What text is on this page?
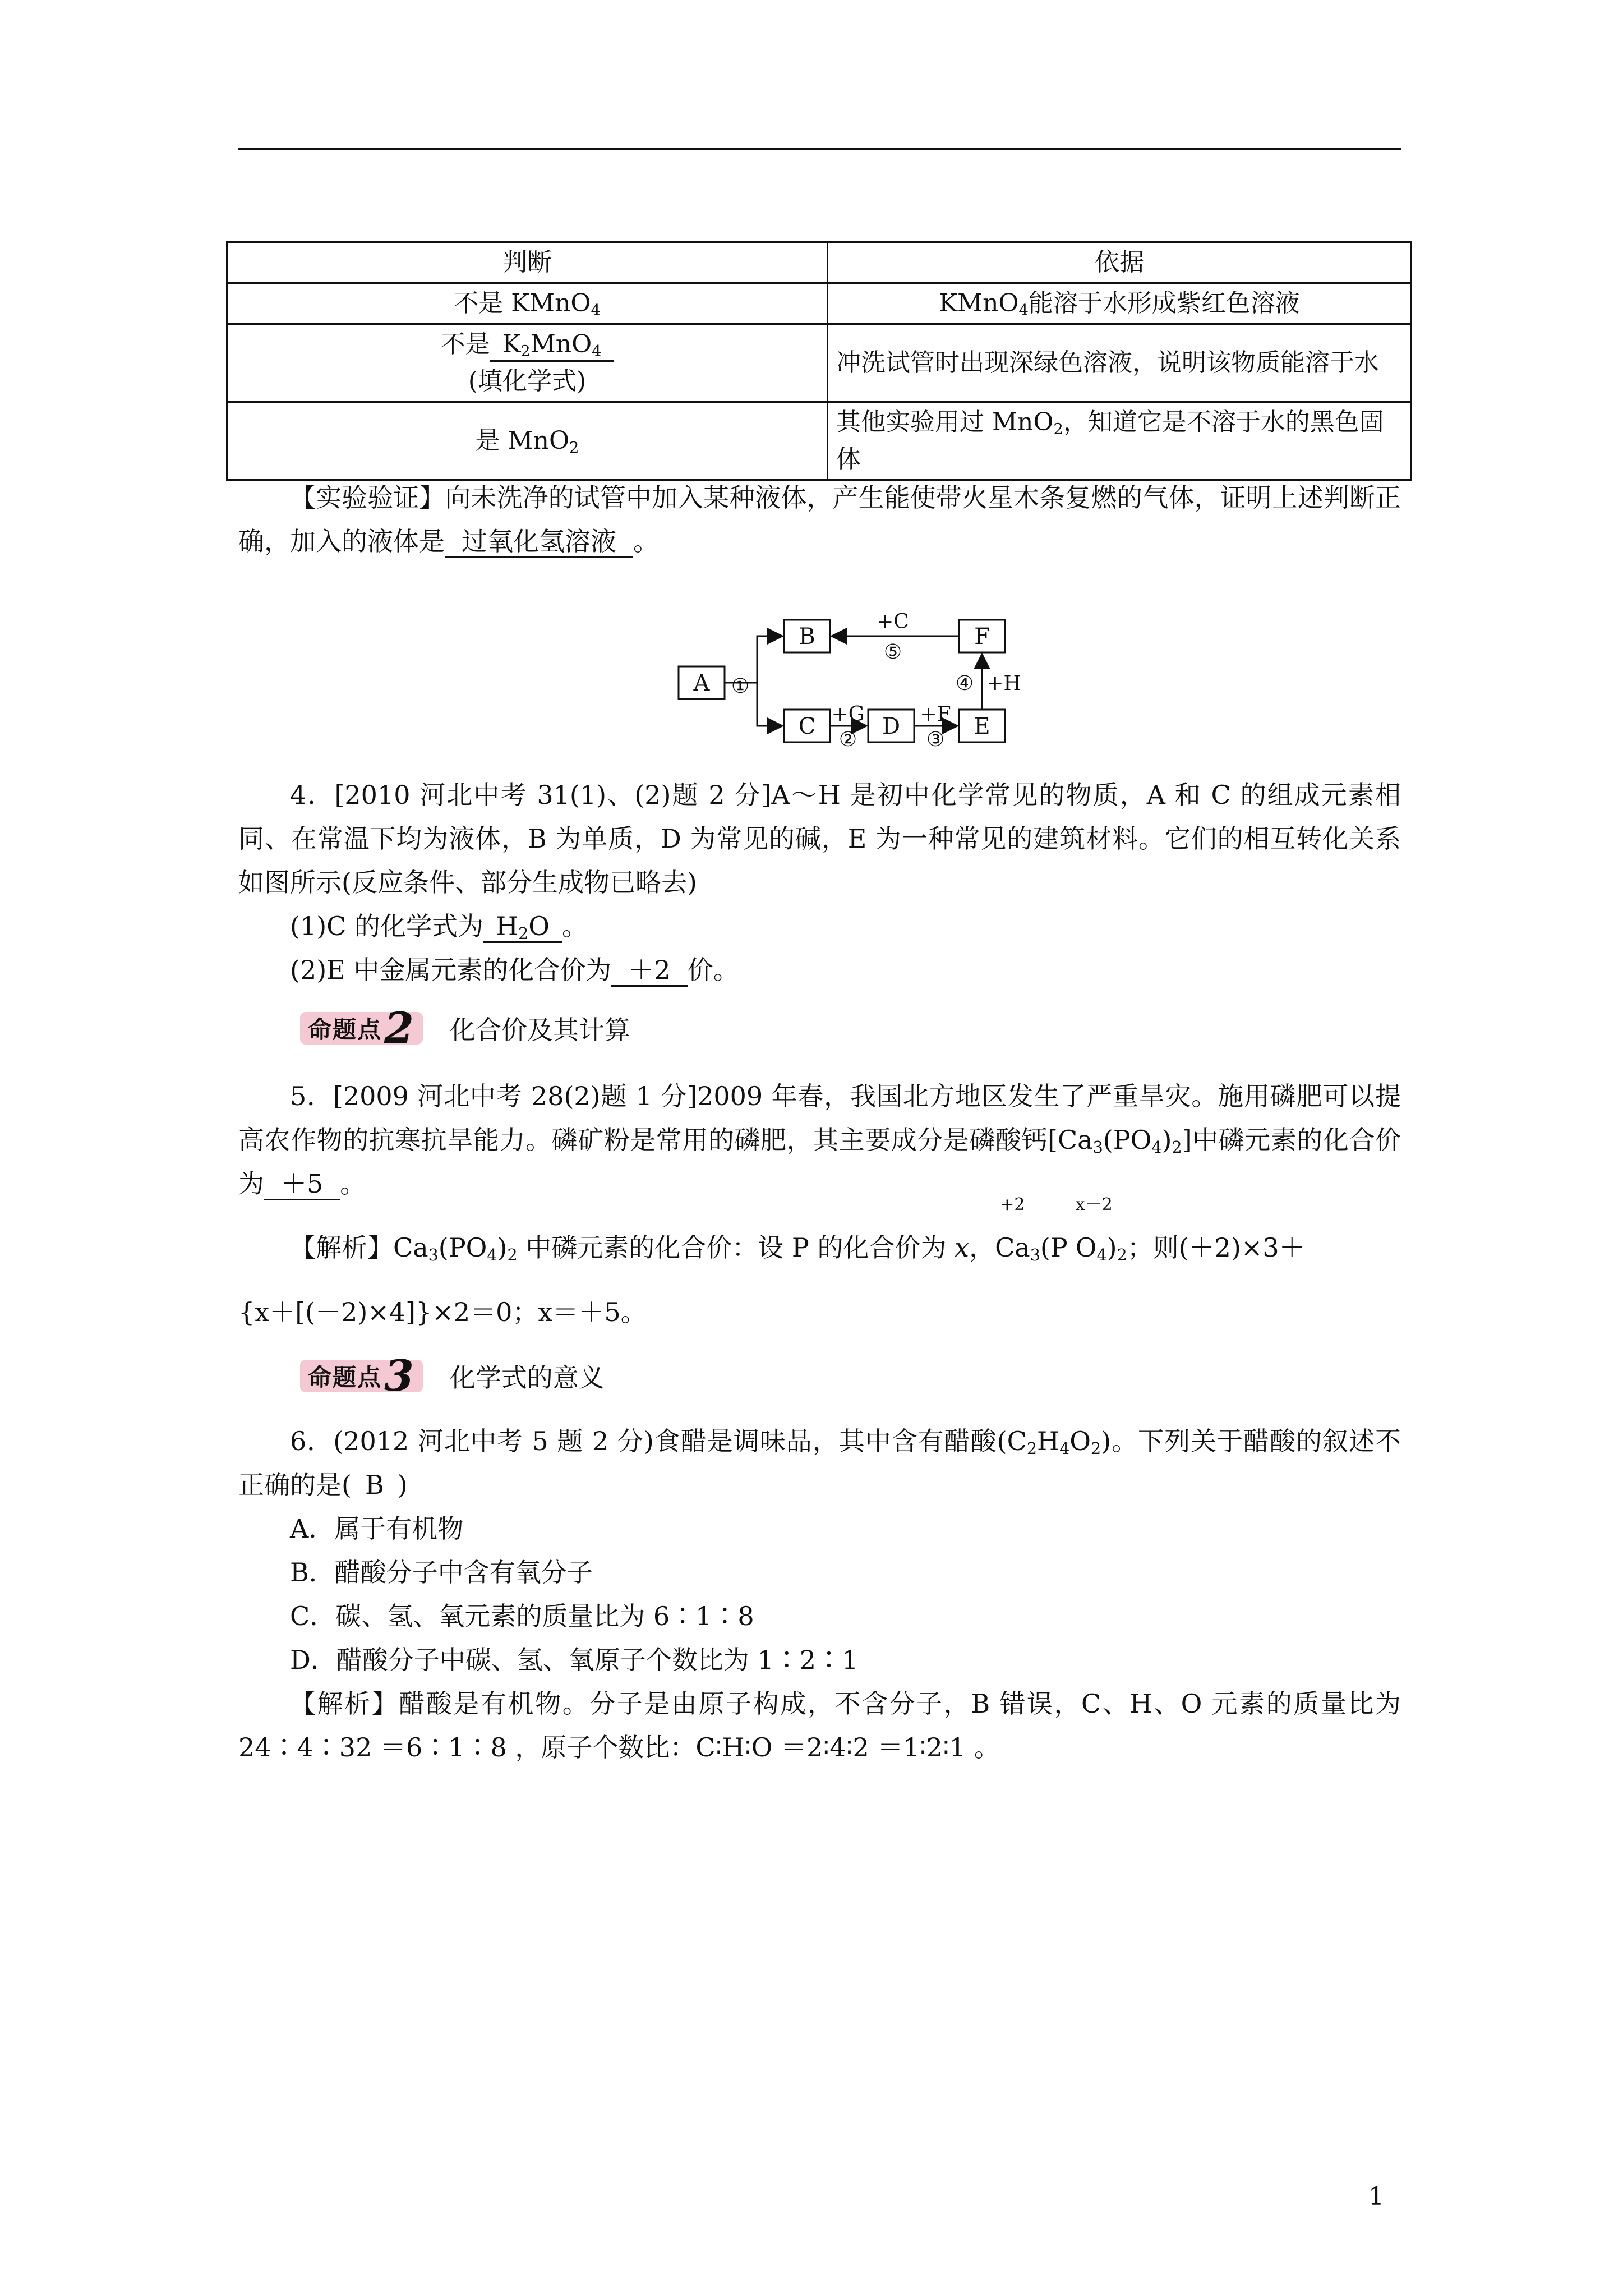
判断	依据
不是 KMnO$_4$	KMnO$_4$能溶于水形成紫红色溶液

不是 $K_2MnO_4$
(填化学式)	冲洗试管时出现深绿色溶液，说明该物质能溶于水
是 MnO$_2$	其他实验用过 MnO$_2$，知道它是不溶于水的黑色固体

【实验验证】向未洗净的试管中加入某种液体，产生能使带火星木条复燃的气体，证明上述判断正确，加入的液体是 过氧化氢溶液 。

A
B	F
C	D	E
①
+C
⑤
+G
②
+F
③
④ +H

4．[2010 河北中考 31(1)、(2)题 2 分]A～H 是初中化学常见的物质，A 和 C 的组成元素相同、在常温下均为液体，B 为单质，D 为常见的碱，E 为一种常见的建筑材料。它们的相互转化关系如图所示(反应条件、部分生成物已略去)

(1)C 的化学式为 $H_2O$ 。
(2)E 中金属元素的化合价为 ＋2 价。
命题点 2 化合价及其计算

5．[2009 河北中考 28(2)题 1 分]2009 年春，我国北方地区发生了严重旱灾。施用磷肥可以提高农作物的抗寒抗旱能力。磷矿粉是常用的磷肥，其主要成分是磷酸钙$[Ca_3(PO_4)_2]$中磷元素的化合价为 ＋5 。

【解析】$Ca_3(PO_4)_2$ 中磷元素的化合价：设 P 的化合价为 x，
+2
$Ca_3(P$
x－2
$O_4)_2$；则(＋2)×3＋
{x＋[(－2)×4]}×2＝0；x＝＋5。
命题点 3 化学式的意义

6．(2012 河北中考 5 题 2 分)食醋是调味品，其中含有醋酸$(C_2H_4O_2)$。下列关于醋酸的叙述不正确的是( B )

A．属于有机物
B．醋酸分子中含有氧分子
C．碳、氢、氧元素的质量比为 6∶1∶8
D．醋酸分子中碳、氢、氧原子个数比为 1∶2∶1

【解析】醋酸是有机物。分子是由原子构成，不含分子，B 错误，C、H、O 元素的质量比为 24∶4∶32 ＝6∶1∶8 ，原子个数比：C∶H∶O ＝2∶4∶2 ＝1∶2∶1 。

1
